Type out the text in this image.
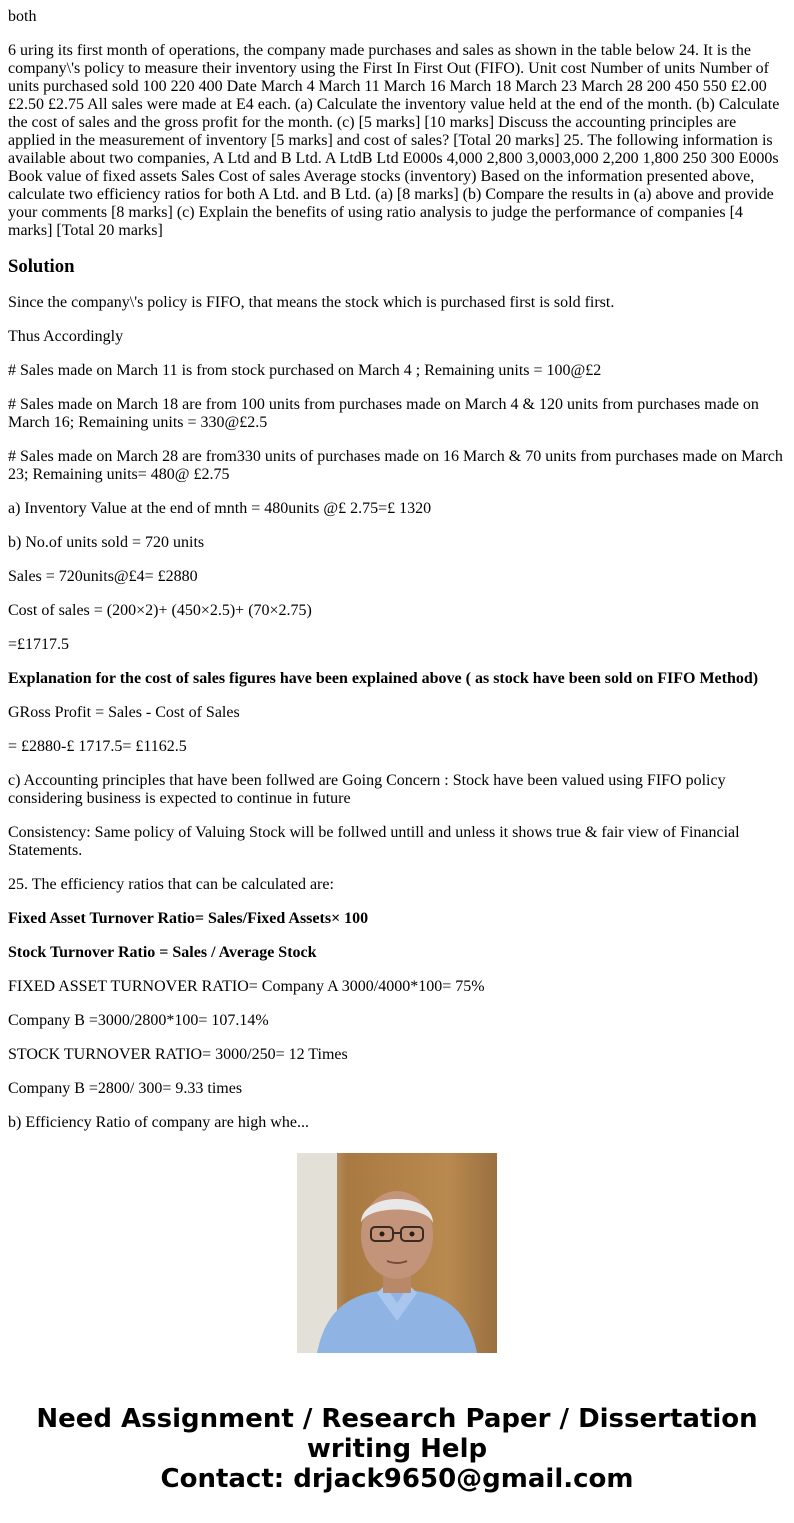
both

6 uring its first month of operations, the company made purchases and sales as shown in the table below 24. It is the company\'s policy to measure their inventory using the First In First Out (FIFO). Unit cost Number of units Number of units purchased sold 100 220 400 Date March 4 March 11 March 16 March 18 March 23 March 28 200 450 550 £2.00 £2.50 £2.75 All sales were made at E4 each. (a) Calculate the inventory value held at the end of the month. (b) Calculate the cost of sales and the gross profit for the month. (c) [5 marks] [10 marks] Discuss the accounting principles are applied in the measurement of inventory [5 marks] and cost of sales? [Total 20 marks] 25. The following information is available about two companies, A Ltd and B Ltd. A LtdB Ltd E000s 4,000 2,800 3,0003,000 2,200 1,800 250 300 E000s Book value of fixed assets Sales Cost of sales Average stocks (inventory) Based on the information presented above, calculate two efficiency ratios for both A Ltd. and B Ltd. (a) [8 marks] (b) Compare the results in (a) above and provide your comments [8 marks] (c) Explain the benefits of using ratio analysis to judge the performance of companies [4 marks] [Total 20 marks]

Solution

Since the company\'s policy is FIFO, that means the stock which is purchased first is sold first.

Thus Accordingly

# Sales made on March 11 is from stock purchased on March 4 ; Remaining units = 100@£2

# Sales made on March 18 are from 100 units from purchases made on March 4 & 120 units from purchases made on March 16; Remaining units = 330@£2.5

# Sales made on March 28 are from330 units of purchases made on 16 March & 70 units from purchases made on March 23; Remaining units= 480@ £2.75

a) Inventory Value at the end of mnth = 480units @£ 2.75=£ 1320

b) No.of units sold = 720 units

Sales = 720units@£4= £2880

Cost of sales = (200×2)+ (450×2.5)+ (70×2.75)

=£1717.5

Explanation for the cost of sales figures have been explained above ( as stock have been sold on FIFO Method)

GRoss Profit = Sales - Cost of Sales

= £2880-£ 1717.5= £1162.5

c) Accounting principles that have been follwed are Going Concern : Stock have been valued using FIFO policy considering business is expected to continue in future

Consistency: Same policy of Valuing Stock will be follwed untill and unless it shows true & fair view of Financial Statements.

25. The efficiency ratios that can be calculated are:

Fixed Asset Turnover Ratio= Sales/Fixed Assets× 100

Stock Turnover Ratio = Sales / Average Stock

FIXED ASSET TURNOVER RATIO= Company A 3000/4000*100= 75%

Company B =3000/2800*100= 107.14%

STOCK TURNOVER RATIO= 3000/250= 12 Times

Company B =2800/ 300= 9.33 times

b) Efficiency Ratio of company are high whe...

Need Assignment / Research Paper / Dissertation
writing Help
Contact: drjack9650@gmail.com
